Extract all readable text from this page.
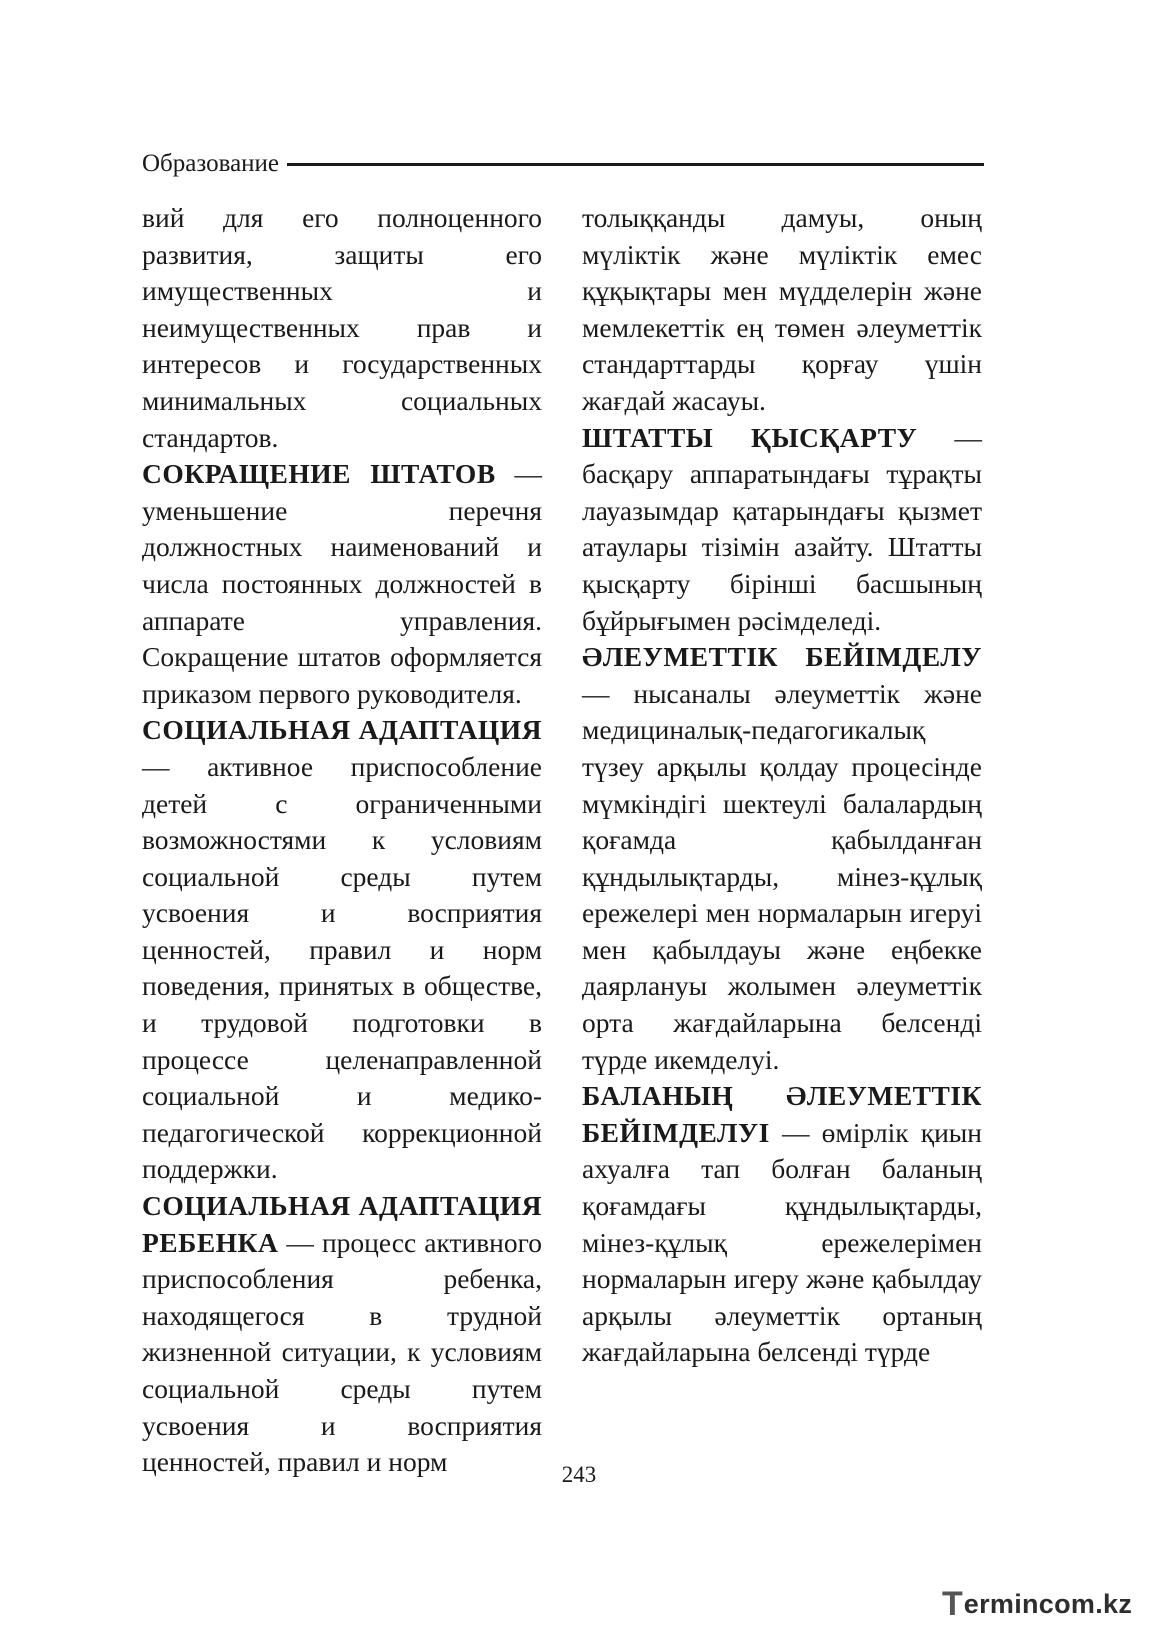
Образование

вий для его полноценного развития, защиты его имущественных и неимущественных прав и интересов и государственных минимальных социальных стандартов.

СОКРАЩЕНИЕ ШТАТОВ — уменьшение перечня должностных наименований и числа постоянных должностей в аппарате управления. Сокращение штатов оформляется приказом первого руководителя.

СОЦИАЛЬНАЯ АДАПТАЦИЯ — активное приспособление детей с ограниченными возможностями к условиям социальной среды путем усвоения и восприятия ценностей, правил и норм поведения, принятых в обществе, и трудовой подготовки в процессе целенаправленной социальной и медико-педагогической коррекционной поддержки.

СОЦИАЛЬНАЯ АДАПТАЦИЯ РЕБЕНКА — процесс активного приспособления ребенка, находящегося в трудной жизненной ситуации, к условиям социальной среды путем усвоения и восприятия ценностей, правил и норм

толыққанды дамуы, оның мүліктік және мүліктік емес құқықтары мен мүдделерін және мемлекеттік ең төмен әлеуметтік стандарттарды қорғау үшін жағдай жасауы.

ШТАТТЫ ҚЫСҚАРТУ — басқару аппаратындағы тұрақты лауазымдар қатарындағы қызмет атаулары тізімін азайту. Штатты қысқарту бірінші басшының бұйрығымен рәсімделеді.

ӘЛЕУМЕТТІК БЕЙІМДЕЛУ — нысаналы әлеуметтік және медициналық-педагогикалық түзеу арқылы қолдау процесінде мүмкіндігі шектеулі балалардың қоғамда қабылданған құндылықтарды, мінез-құлық ережелері мен нормаларын игеруі мен қабылдауы және еңбекке даярлануы жолымен әлеуметтік орта жағдайларына белсенді түрде икемделуі.

БАЛАНЫҢ ӘЛЕУМЕТТІК БЕЙІМДЕЛУІ — өмірлік қиын ахуалға тап болған баланың қоғамдағы құндылықтарды, мінез-құлық ережелерімен нормаларын игеру және қабылдау арқылы әлеуметтік ортаның жағдайларына белсенді түрде

243
T ermincom.kz
